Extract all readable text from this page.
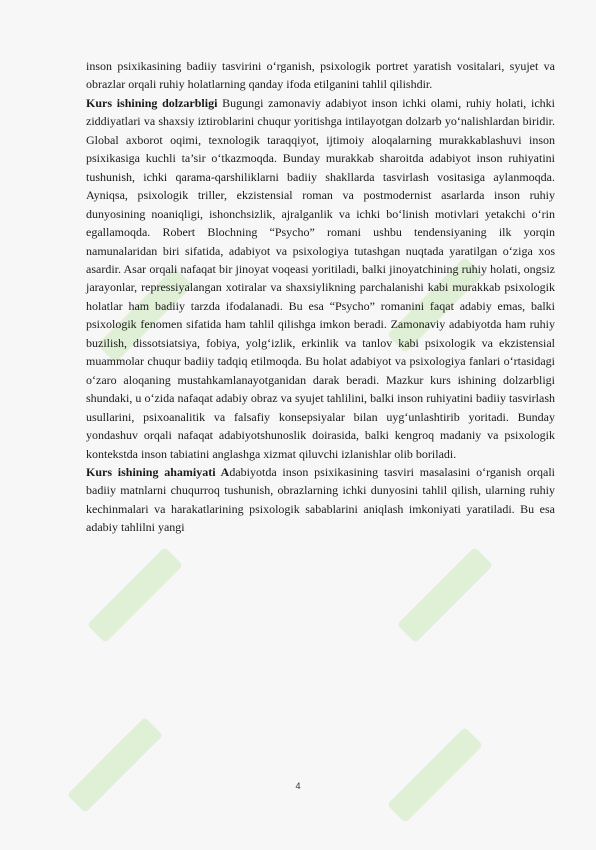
inson psixikasining badiiy tasvirini o‘rganish, psixologik portret yaratish vositalari, syujet va obrazlar orqali ruhiy holatlarning qanday ifoda etilganini tahlil qilishdir.

Kurs ishining dolzarbligi Bugungi zamonaviy adabiyot inson ichki olami, ruhiy holati, ichki ziddiyatlari va shaxsiy iztiroblarini chuqur yoritishga intilayotgan dolzarb yo‘nalishlardan biridir. Global axborot oqimi, texnologik taraqqiyot, ijtimoiy aloqalarning murakkablashuvi inson psixikasiga kuchli ta’sir o‘tkazmoqda. Bunday murakkab sharoitda adabiyot inson ruhiyatini tushunish, ichki qarama-qarshiliklarni badiiy shakllarda tasvirlash vositasiga aylanmoqda. Ayniqsa, psixologik triller, ekzistensial roman va postmodernist asarlarda inson ruhiy dunyosining noaniqligi, ishonchsizlik, ajralganlik va ichki bo‘linish motivlari yetakchi o‘rin egallamoqda. Robert Blochning “Psycho” romani ushbu tendensiyaning ilk yorqin namunalaridan biri sifatida, adabiyot va psixologiya tutashgan nuqtada yaratilgan o‘ziga xos asardir. Asar orqali nafaqat bir jinoyat voqeasi yoritiladi, balki jinoyatchining ruhiy holati, ongsiz jarayonlar, repressiyalangan xotiralar va shaxsiylikning parchalanishi kabi murakkab psixologik holatlar ham badiiy tarzda ifodalanadi. Bu esa “Psycho” romanini faqat adabiy emas, balki psixologik fenomen sifatida ham tahlil qilishga imkon beradi. Zamonaviy adabiyotda ham ruhiy buzilish, dissotsiatsiya, fobiya, yolg‘izlik, erkinlik va tanlov kabi psixologik va ekzistensial muammolar chuqur badiiy tadqiq etilmoqda. Bu holat adabiyot va psixologiya fanlari o‘rtasidagi o‘zaro aloqaning mustahkamlanayotganidan darak beradi. Mazkur kurs ishining dolzarbligi shundaki, u o‘zida nafaqat adabiy obraz va syujet tahlilini, balki inson ruhiyatini badiiy tasvirlash usullarini, psixoanalitik va falsafiy konsepsiyalar bilan uyg‘unlashtirib yoritadi. Bunday yondashuv orqali nafaqat adabiyotshunoslik doirasida, balki kengroq madaniy va psixologik kontekstda inson tabiatini anglashga xizmat qiluvchi izlanishlar olib boriladi.

Kurs ishining ahamiyati Adabiyotda inson psixikasining tasviri masalasini o‘rganish orqali badiiy matnlarni chuqurroq tushunish, obrazlarning ichki dunyosini tahlil qilish, ularning ruhiy kechinmalari va harakatlarining psixologik sabablarini aniqlash imkoniyati yaratiladi. Bu esa adabiy tahlilni yangi

4
